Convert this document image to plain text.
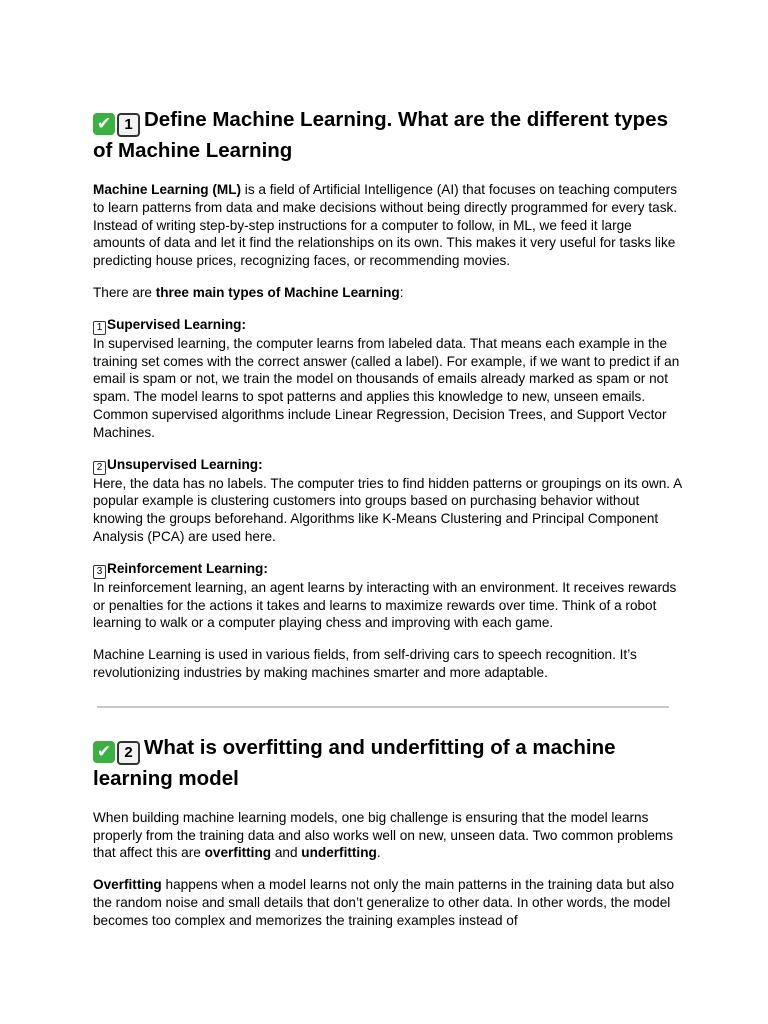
✔ 1 Define Machine Learning. What are the different types of Machine Learning

Machine Learning (ML) is a field of Artificial Intelligence (AI) that focuses on teaching computers to learn patterns from data and make decisions without being directly programmed for every task. Instead of writing step-by-step instructions for a computer to follow, in ML, we feed it large amounts of data and let it find the relationships on its own. This makes it very useful for tasks like predicting house prices, recognizing faces, or recommending movies.

There are three main types of Machine Learning:

1 Supervised Learning:
In supervised learning, the computer learns from labeled data. That means each example in the training set comes with the correct answer (called a label). For example, if we want to predict if an email is spam or not, we train the model on thousands of emails already marked as spam or not spam. The model learns to spot patterns and applies this knowledge to new, unseen emails. Common supervised algorithms include Linear Regression, Decision Trees, and Support Vector Machines.
2 Unsupervised Learning:
Here, the data has no labels. The computer tries to find hidden patterns or groupings on its own. A popular example is clustering customers into groups based on purchasing behavior without knowing the groups beforehand. Algorithms like K-Means Clustering and Principal Component Analysis (PCA) are used here.
3 Reinforcement Learning:
In reinforcement learning, an agent learns by interacting with an environment. It receives rewards or penalties for the actions it takes and learns to maximize rewards over time. Think of a robot learning to walk or a computer playing chess and improving with each game.

Machine Learning is used in various fields, from self-driving cars to speech recognition. It’s revolutionizing industries by making machines smarter and more adaptable.

✔ 2 What is overfitting and underfitting of a machine learning model

When building machine learning models, one big challenge is ensuring that the model learns properly from the training data and also works well on new, unseen data. Two common problems that affect this are overfitting and underfitting.

Overfitting happens when a model learns not only the main patterns in the training data but also the random noise and small details that don’t generalize to other data. In other words, the model becomes too complex and memorizes the training examples instead of
